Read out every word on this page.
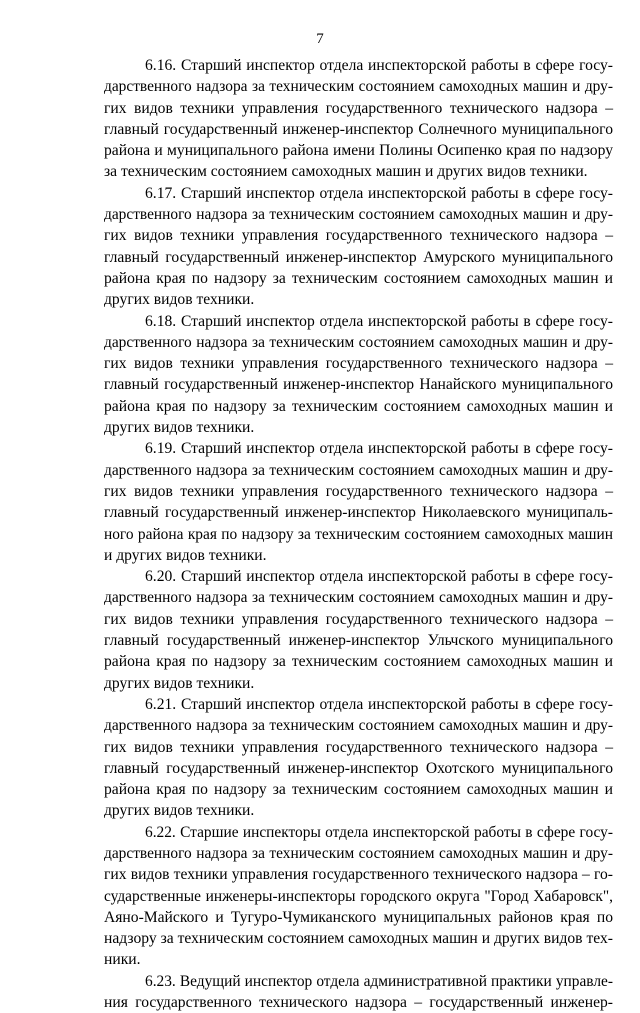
7
6.16. Старший инспектор отдела инспекторской работы в сфере госу-
дарственного надзора за техническим состоянием самоходных машин и дру-
гих видов техники управления государственного технического надзора –
главный государственный инженер-инспектор Солнечного муниципального
района и муниципального района имени Полины Осипенко края по надзору
за техническим состоянием самоходных машин и других видов техники.
6.17. Старший инспектор отдела инспекторской работы в сфере госу-
дарственного надзора за техническим состоянием самоходных машин и дру-
гих видов техники управления государственного технического надзора –
главный государственный инженер-инспектор Амурского муниципального
района края по надзору за техническим состоянием самоходных машин и
других видов техники.
6.18. Старший инспектор отдела инспекторской работы в сфере госу-
дарственного надзора за техническим состоянием самоходных машин и дру-
гих видов техники управления государственного технического надзора –
главный государственный инженер-инспектор Нанайского муниципального
района края по надзору за техническим состоянием самоходных машин и
других видов техники.
6.19. Старший инспектор отдела инспекторской работы в сфере госу-
дарственного надзора за техническим состоянием самоходных машин и дру-
гих видов техники управления государственного технического надзора –
главный государственный инженер-инспектор Николаевского муниципаль-
ного района края по надзору за техническим состоянием самоходных машин
и других видов техники.
6.20. Старший инспектор отдела инспекторской работы в сфере госу-
дарственного надзора за техническим состоянием самоходных машин и дру-
гих видов техники управления государственного технического надзора –
главный государственный инженер-инспектор Ульчского муниципального
района края по надзору за техническим состоянием самоходных машин и
других видов техники.
6.21. Старший инспектор отдела инспекторской работы в сфере госу-
дарственного надзора за техническим состоянием самоходных машин и дру-
гих видов техники управления государственного технического надзора –
главный государственный инженер-инспектор Охотского муниципального
района края по надзору за техническим состоянием самоходных машин и
других видов техники.
6.22. Старшие инспекторы отдела инспекторской работы в сфере госу-
дарственного надзора за техническим состоянием самоходных машин и дру-
гих видов техники управления государственного технического надзора – го-
сударственные инженеры-инспекторы городского округа "Город Хабаровск",
Аяно-Майского и Тугуро-Чумиканского муниципальных районов края по
надзору за техническим состоянием самоходных машин и других видов тех-
ники.
6.23. Ведущий инспектор отдела административной практики управле-
ния государственного технического надзора – государственный инженер-
